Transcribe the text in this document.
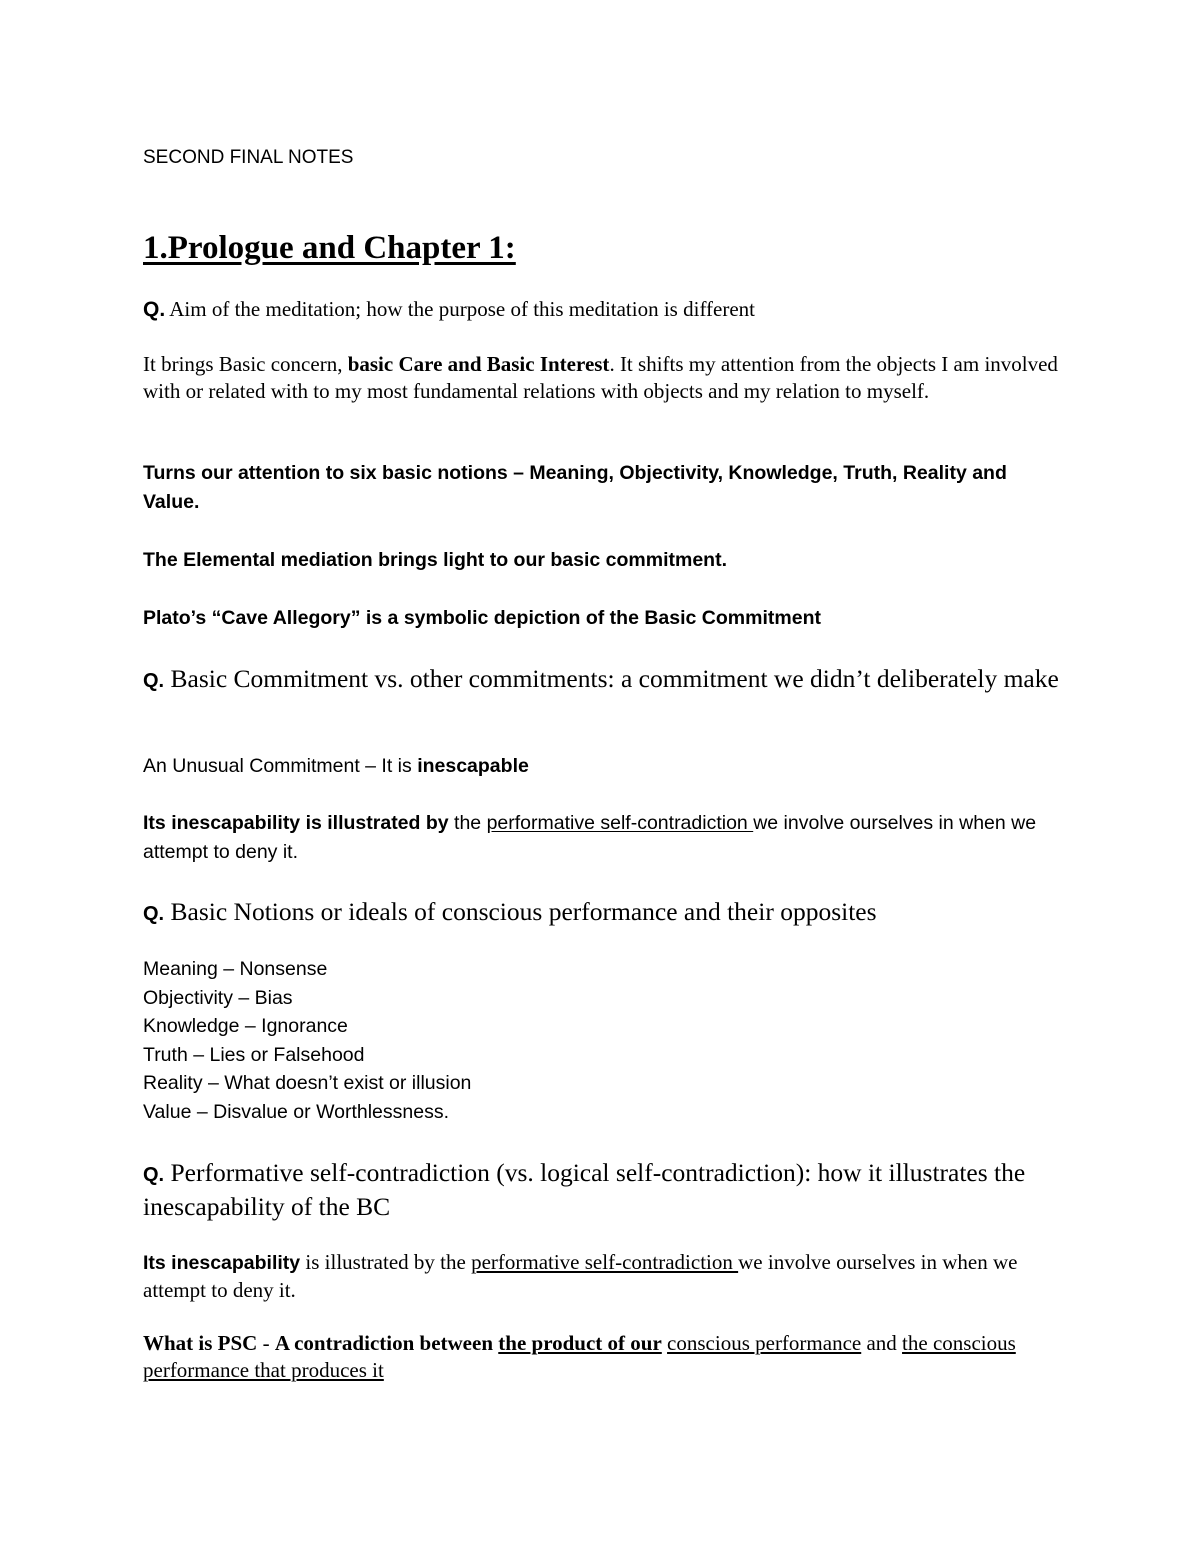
SECOND FINAL NOTES

1.Prologue and Chapter 1:

Q. Aim of the meditation; how the purpose of this meditation is different

It brings Basic concern, basic Care and Basic Interest. It shifts my attention from the objects I am involved with or related with to my most fundamental relations with objects and my relation to myself.

Turns our attention to six basic notions – Meaning, Objectivity, Knowledge, Truth, Reality and Value.

The Elemental mediation brings light to our basic commitment.

Plato’s “Cave Allegory” is a symbolic depiction of the Basic Commitment

Q. Basic Commitment vs. other commitments: a commitment we didn’t deliberately make

An Unusual Commitment – It is inescapable

Its inescapability is illustrated by the performative self-contradiction we involve ourselves in when we attempt to deny it.

Q. Basic Notions or ideals of conscious performance and their opposites

Meaning – Nonsense
Objectivity – Bias
Knowledge – Ignorance
Truth – Lies or Falsehood
Reality – What doesn’t exist or illusion
Value – Disvalue or Worthlessness.

Q. Performative self-contradiction (vs. logical self-contradiction): how it illustrates the inescapability of the BC

Its inescapability is illustrated by the performative self-contradiction we involve ourselves in when we attempt to deny it.

What is PSC - A contradiction between the product of our conscious performance and the conscious performance that produces it
